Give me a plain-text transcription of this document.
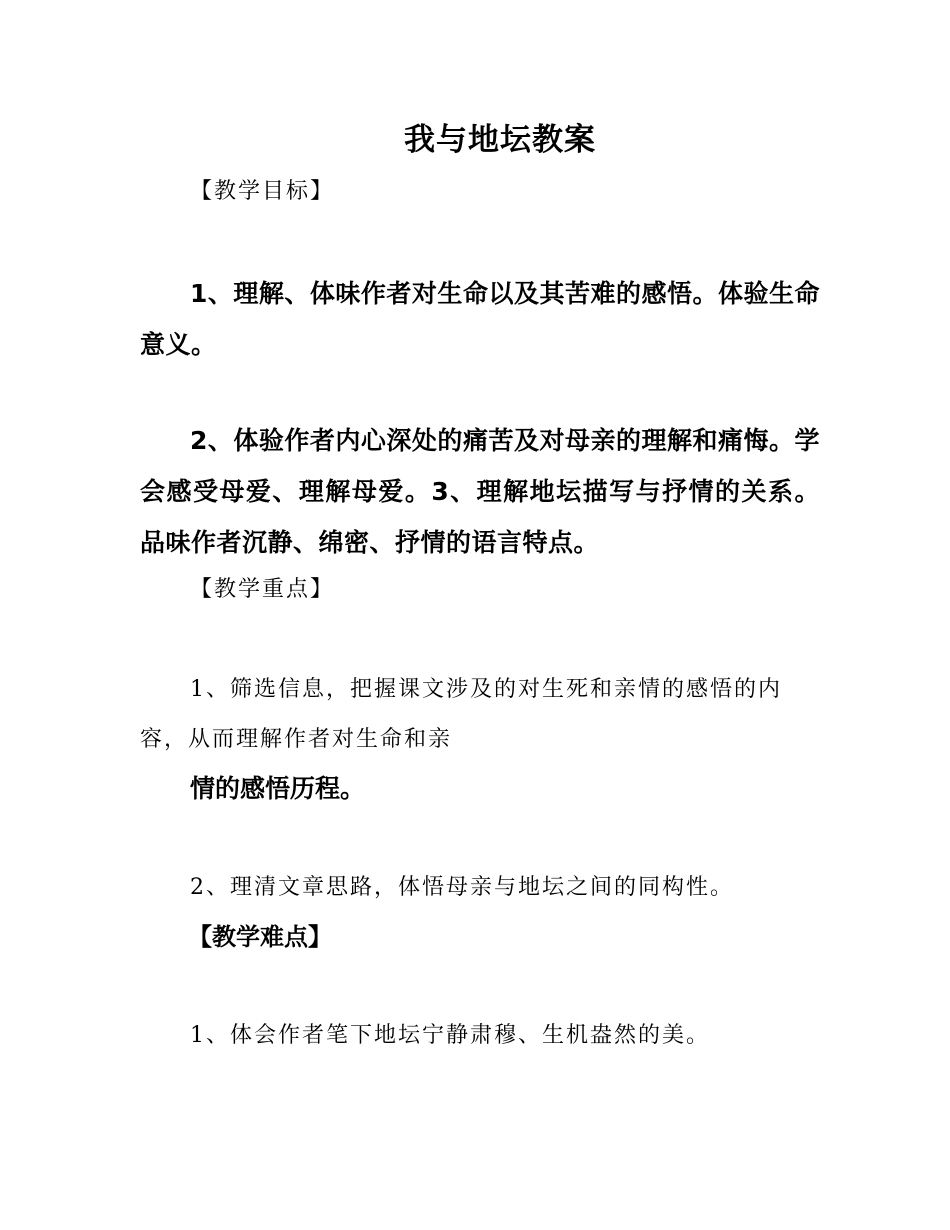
我与地坛教案
【教学目标】
1、理解、体味作者对生命以及其苦难的感悟。体验生命意义。
2、体验作者内心深处的痛苦及对母亲的理解和痛悔。学会感受母爱、理解母爱。3、理解地坛描写与抒情的关系。品味作者沉静、绵密、抒情的语言特点。
【教学重点】
1、筛选信息，把握课文涉及的对生死和亲情的感悟的内容，从而理解作者对生命和亲
情的感悟历程。
2、理清文章思路，体悟母亲与地坛之间的同构性。
【教学难点】
1、体会作者笔下地坛宁静肃穆、生机盎然的美。
